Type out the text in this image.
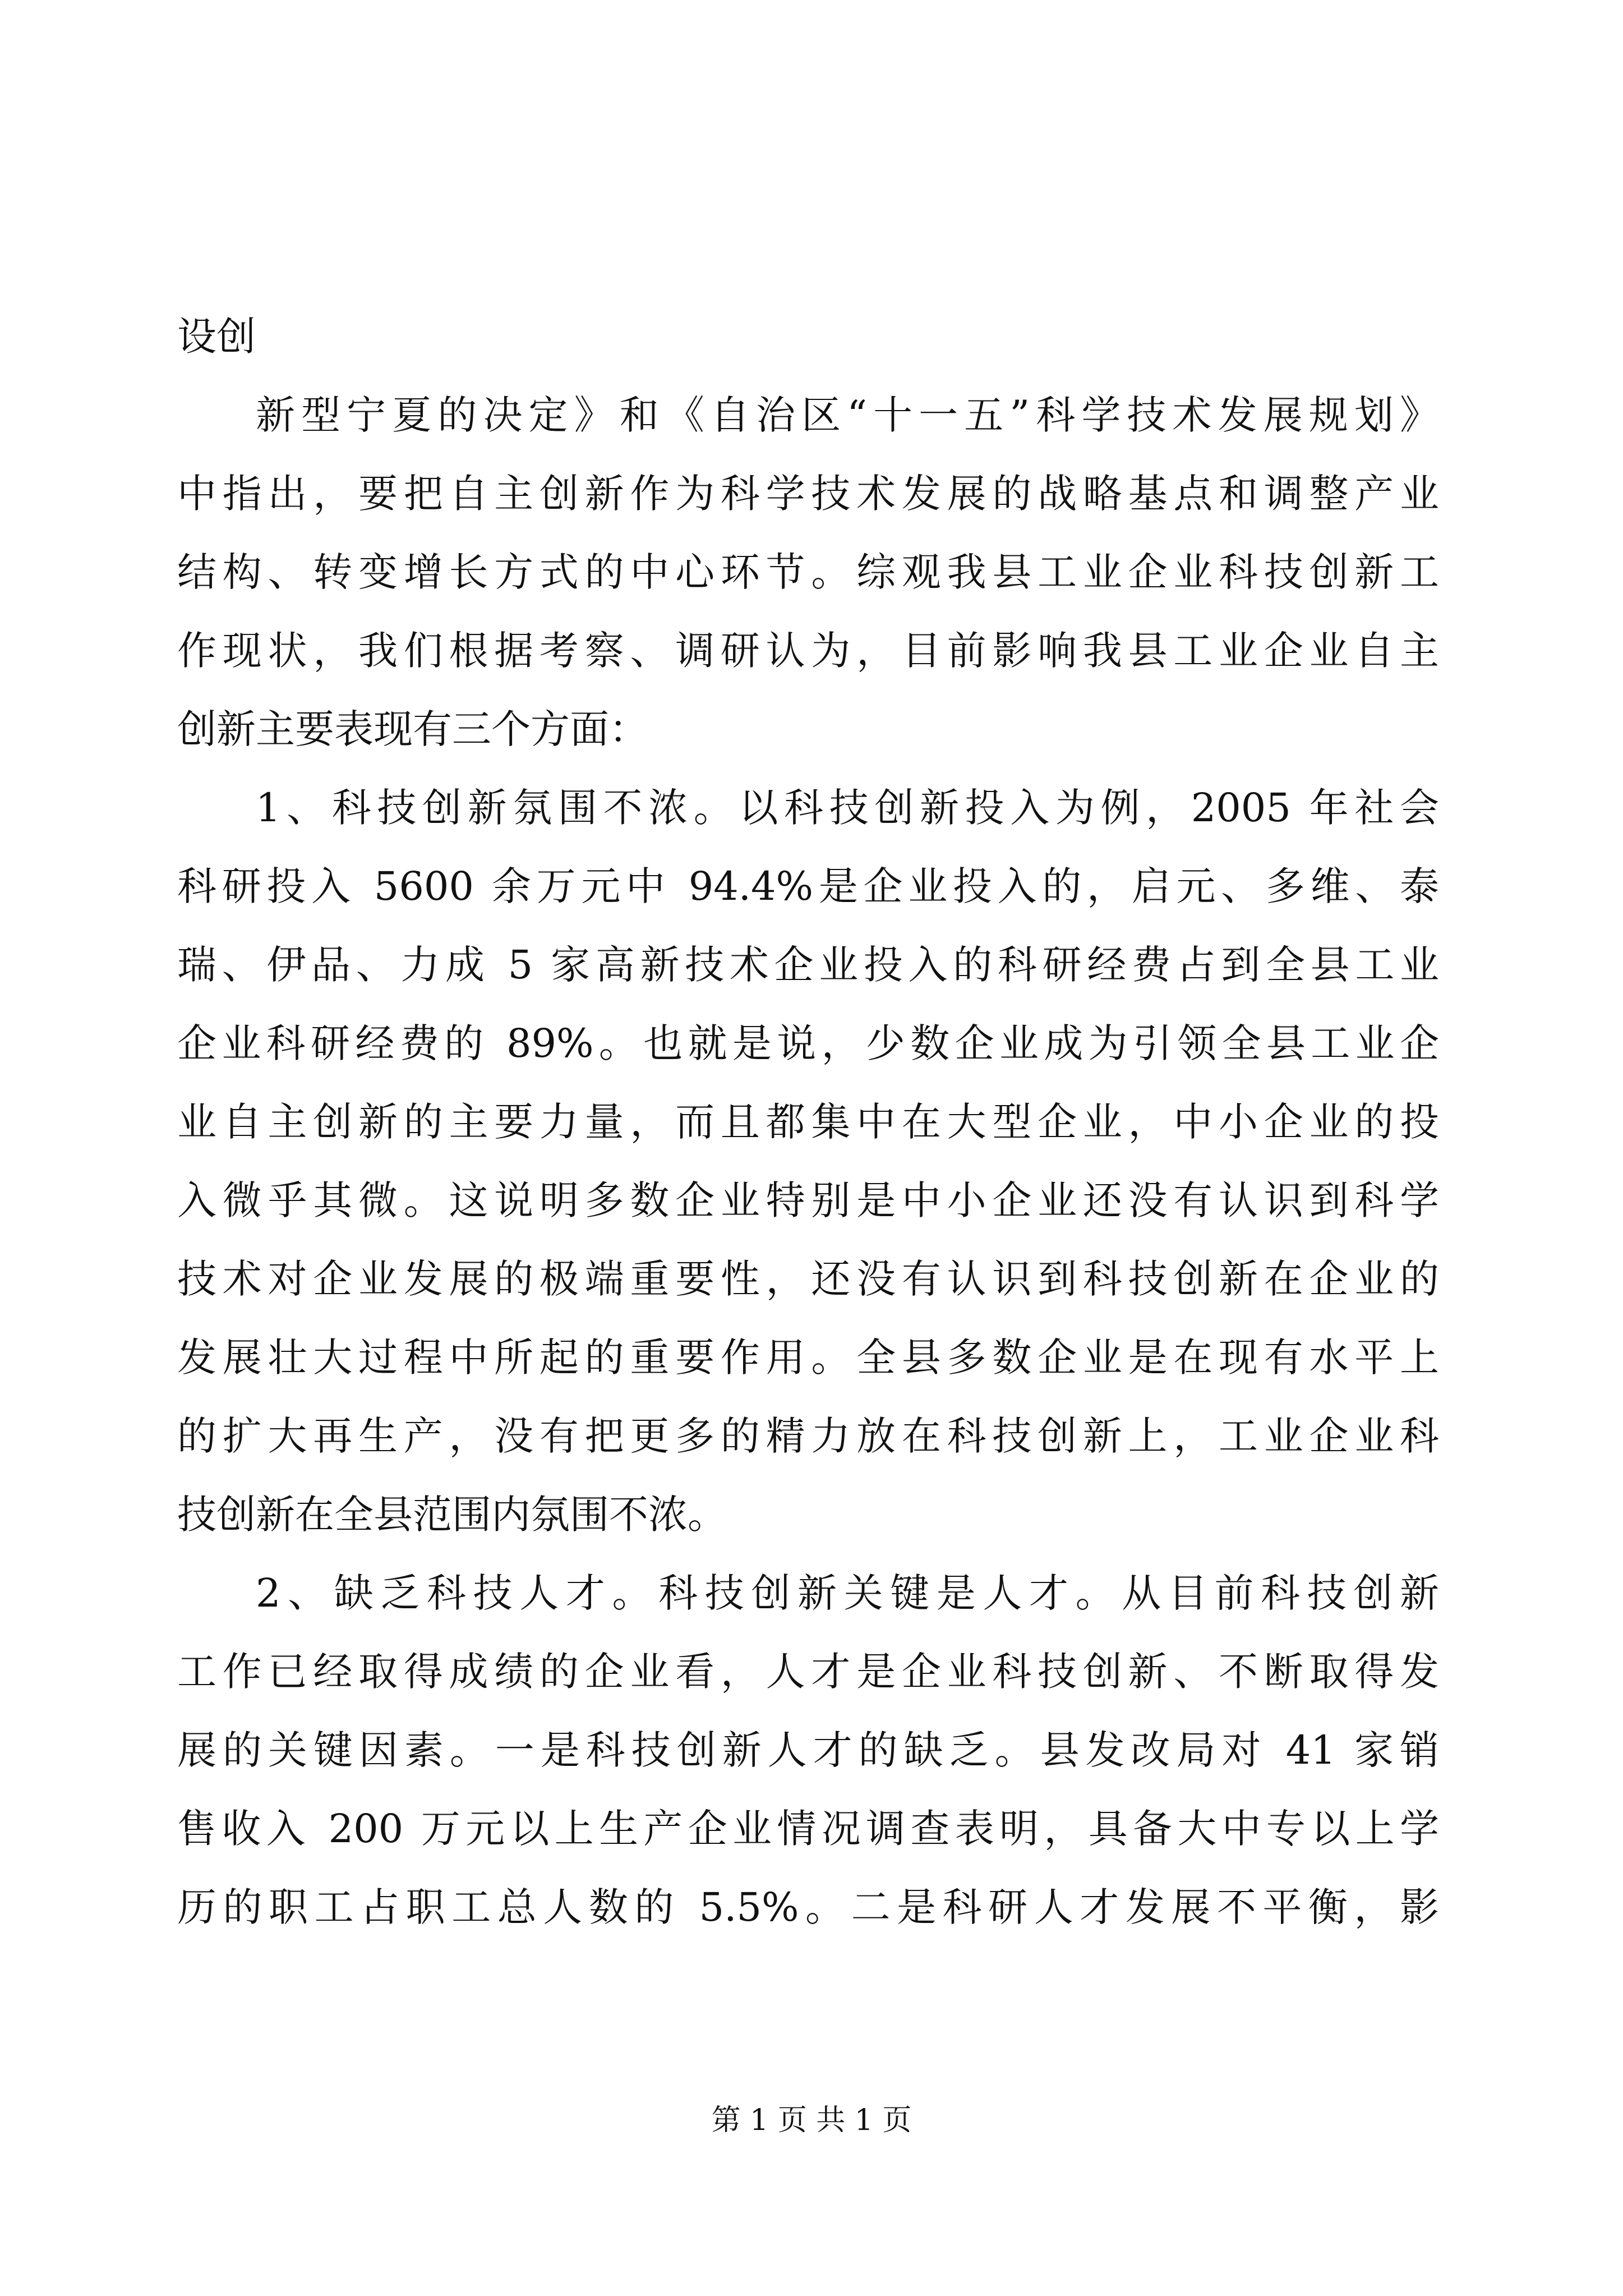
设创

新型宁夏的决定》和《自治区“十一五”科学技术发展规划》
中指出，要把自主创新作为科学技术发展的战略基点和调整产业
结构、转变增长方式的中心环节。综观我县工业企业科技创新工
作现状，我们根据考察、调研认为，目前影响我县工业企业自主
创新主要表现有三个方面：
1、科技创新氛围不浓。以科技创新投入为例，2005 年社会
科研投入 5600 余万元中 94.4%是企业投入的，启元、多维、泰
瑞、伊品、力成 5 家高新技术企业投入的科研经费占到全县工业
企业科研经费的 89%。也就是说，少数企业成为引领全县工业企
业自主创新的主要力量，而且都集中在大型企业，中小企业的投
入微乎其微。这说明多数企业特别是中小企业还没有认识到科学
技术对企业发展的极端重要性，还没有认识到科技创新在企业的
发展壮大过程中所起的重要作用。全县多数企业是在现有水平上
的扩大再生产，没有把更多的精力放在科技创新上，工业企业科
技创新在全县范围内氛围不浓。
2、缺乏科技人才。科技创新关键是人才。从目前科技创新
工作已经取得成绩的企业看，人才是企业科技创新、不断取得发
展的关键因素。一是科技创新人才的缺乏。县发改局对 41 家销
售收入 200 万元以上生产企业情况调查表明，具备大中专以上学
历的职工占职工总人数的 5.5%。二是科研人才发展不平衡，影
第 1 页 共 1 页
